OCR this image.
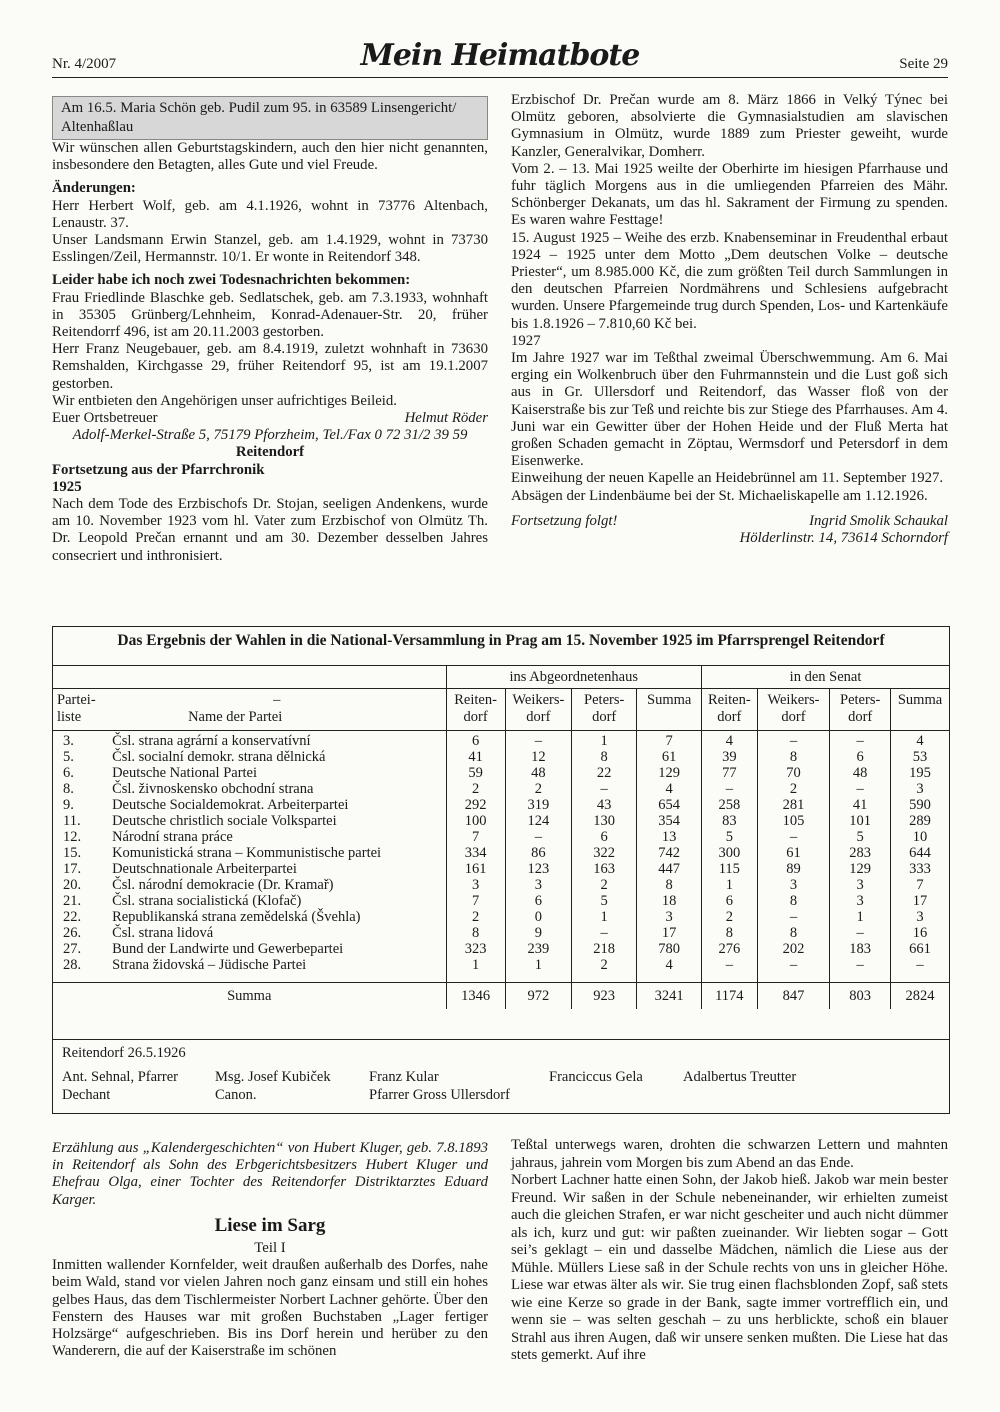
Nr. 4/2007	Mein Heimatbote	Seite 29

Am 16.5. Maria Schön geb. Pudil zum 95. in 63589 Linsengericht/ Altenhaßlau

Wir wünschen allen Geburtstagskindern, auch den hier nicht genannten, insbesondere den Betagten, alles Gute und viel Freude.

Änderungen:

Herr Herbert Wolf, geb. am 4.1.1926, wohnt in 73776 Altenbach, Lenaustr. 37.

Unser Landsmann Erwin Stanzel, geb. am 1.4.1929, wohnt in 73730 Esslingen/Zeil, Hermannstr. 10/1. Er wonte in Reitendorf 348.

Leider habe ich noch zwei Todesnachrichten bekommen:

Frau Friedlinde Blaschke geb. Sedlatschek, geb. am 7.3.1933, wohnhaft in 35305 Grünberg/Lehnheim, Konrad-Adenauer-Str. 20, früher Reitendorrf 496, ist am 20.11.2003 gestorben.

Herr Franz Neugebauer, geb. am 8.4.1919, zuletzt wohnhaft in 73630 Remshalden, Kirchgasse 29, früher Reitendorf 95, ist am 19.1.2007 gestorben.

Wir entbieten den Angehörigen unser aufrichtiges Beileid.

Euer Ortsbetreuer	Helmut Röder

Adolf-Merkel-Straße 5, 75179 Pforzheim, Tel./Fax 0 72 31/2 39 59

Reitendorf

Fortsetzung aus der Pfarrchronik

1925

Nach dem Tode des Erzbischofs Dr. Stojan, seeligen Andenkens, wurde am 10. November 1923 vom hl. Vater zum Erzbischof von Olmütz Th. Dr. Leopold Prečan ernannt und am 30. Dezember desselben Jahres consecriert und inthronisiert.

Erzbischof Dr. Prečan wurde am 8. März 1866 in Velký Týnec bei Olmütz geboren, absolvierte die Gymnasialstudien am slavischen Gymnasium in Olmütz, wurde 1889 zum Priester geweiht, wurde Kanzler, Generalvikar, Domherr.

Vom 2. – 13. Mai 1925 weilte der Oberhirte im hiesigen Pfarrhause und fuhr täglich Morgens aus in die umliegenden Pfarreien des Mähr. Schönberger Dekanats, um das hl. Sakrament der Firmung zu spenden. Es waren wahre Festtage!

15. August 1925 – Weihe des erzb. Knabenseminar in Freudenthal erbaut 1924 – 1925 unter dem Motto „Dem deutschen Volke – deutsche Priester“, um 8.985.000 Kč, die zum größten Teil durch Sammlungen in den deutschen Pfarreien Nordmährens und Schlesiens aufgebracht wurden. Unsere Pfargemeinde trug durch Spenden, Los- und Kartenkäufe bis 1.8.1926 – 7.810,60 Kč bei.

1927

Im Jahre 1927 war im Teßthal zweimal Überschwemmung. Am 6. Mai erging ein Wolkenbruch über den Fuhrmannstein und die Lust goß sich aus in Gr. Ullersdorf und Reitendorf, das Wasser floß von der Kaiserstraße bis zur Teß und reichte bis zur Stiege des Pfarrhauses. Am 4. Juni war ein Gewitter über der Hohen Heide und der Fluß Merta hat großen Schaden gemacht in Zöptau, Wermsdorf und Petersdorf in dem Eisenwerke.

Einweihung der neuen Kapelle an Heidebrünnel am 11. September 1927.

Absägen der Lindenbäume bei der St. Michaeliskapelle am 1.12.1926.

Fortsetzung folgt!	Ingrid Smolik Schaukal

Hölderlinstr. 14, 73614 Schorndorf

Das Ergebnis der Wahlen in die National-Versammlung in Prag am 15. November 1925 im Pfarrsprengel Reitendorf
		ins Abgeordnetenhaus				in den Senat			
Partei-liste	–
Name der Partei	Reiten-dorf	Weikers-dorf	Peters-dorf	Summa	Reiten-dorf	Weikers-dorf	Peters-dorf	Summa
3.	Čsl. strana agrární a konservatívní	6	–	1	7	4	–	–	4
5.	Čsl. socialní demokr. strana dělnická	41	12	8	61	39	8	6	53
6.	Deutsche National Partei	59	48	22	129	77	70	48	195
8.	Čsl. živnoskensko obchodní strana	2	2	–	4	–	2	–	3
9.	Deutsche Socialdemokrat. Arbeiterpartei	292	319	43	654	258	281	41	590
11.	Deutsche christlich sociale Volkspartei	100	124	130	354	83	105	101	289
12.	Národní strana práce	7	–	6	13	5	–	5	10
15.	Komunistická strana – Kommunistische partei	334	86	322	742	300	61	283	644
17.	Deutschnationale Arbeiterpartei	161	123	163	447	115	89	129	333
20.	Čsl. národní demokracie (Dr. Kramař)	3	3	2	8	1	3	3	7
21.	Čsl. strana socialistická (Klofač)	7	6	5	18	6	8	3	17
22.	Republikanská strana zemědelská (Švehla)	2	0	1	3	2	–	1	3
26.	Čsl. strana lidová	8	9	–	17	8	8	–	16
27.	Bund der Landwirte und Gewerbepartei	323	239	218	780	276	202	183	661
28.	Strana židovská – Jüdische Partei	1	1	2	4	–	–	–	–

Summa		1346	972	923	3241	1174	847	803	2824
Reitendorf 26.5.1926
Ant. Sehnal, Pfarrer
Dechant
Msg. Josef Kubiček
Canon.
Franz Kular
Pfarrer Gross Ullersdorf
Franciccus Gela	Adalbertus Treutter

Erzählung aus „Kalendergeschichten“ von Hubert Kluger, geb. 7.8.1893 in Reitendorf als Sohn des Erbgerichtsbesitzers Hubert Kluger und Ehefrau Olga, einer Tochter des Reitendorfer Distriktarztes Eduard Karger.

Liese im Sarg

Teil I

Inmitten wallender Kornfelder, weit draußen außerhalb des Dorfes, nahe beim Wald, stand vor vielen Jahren noch ganz einsam und still ein hohes gelbes Haus, das dem Tischlermeister Norbert Lachner gehörte. Über den Fenstern des Hauses war mit großen Buchstaben „Lager fertiger Holzsärge“ aufgeschrieben. Bis ins Dorf herein und herüber zu den Wanderern, die auf der Kaiserstraße im schönen

Teßtal unterwegs waren, drohten die schwarzen Lettern und mahnten jahraus, jahrein vom Morgen bis zum Abend an das Ende.

Norbert Lachner hatte einen Sohn, der Jakob hieß. Jakob war mein bester Freund. Wir saßen in der Schule nebeneinander, wir erhielten zumeist auch die gleichen Strafen, er war nicht gescheiter und auch nicht dümmer als ich, kurz und gut: wir paßten zueinander. Wir liebten sogar – Gott sei’s geklagt – ein und dasselbe Mädchen, nämlich die Liese aus der Mühle. Müllers Liese saß in der Schule rechts von uns in gleicher Höhe. Liese war etwas älter als wir. Sie trug einen flachsblonden Zopf, saß stets wie eine Kerze so grade in der Bank, sagte immer vortrefflich ein, und wenn sie – was selten geschah – zu uns herblickte, schoß ein blauer Strahl aus ihren Augen, daß wir unsere senken mußten. Die Liese hat das stets gemerkt. Auf ihre
